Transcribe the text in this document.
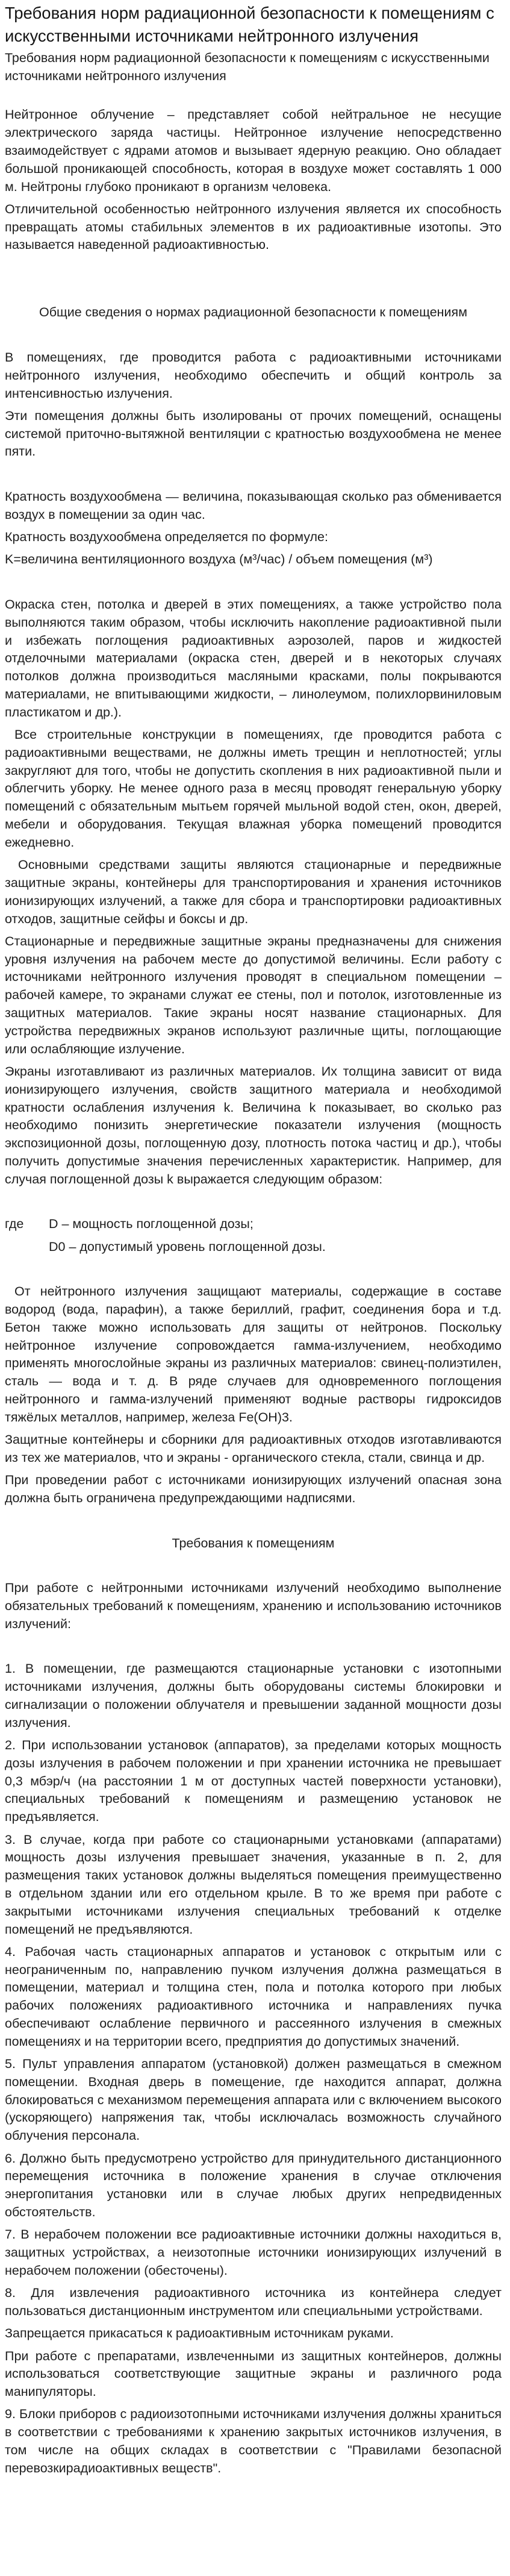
Требования норм радиационной безопасности к помещениям с искусственными источниками нейтронного излучения

Требования норм радиационной безопасности к помещениям с искусственными источниками нейтронного излучения

Нейтронное облучение – представляет собой нейтральное не несущие электрического заряда частицы. Нейтронное излучение непосредственно взаимодействует с ядрами атомов и вызывает ядерную реакцию. Оно обладает большой проникающей способность, которая в воздухе может составлять 1 000 м. Нейтроны глубоко проникают в организм человека.

Отличительной особенностью нейтронного излучения является их способность превращать атомы стабильных элементов в их радиоактивные изотопы. Это называется наведенной радиоактивностью.

Общие сведения о нормах радиационной безопасности к помещениям

В помещениях, где проводится работа с радиоактивными источниками нейтронного излучения, необходимо обеспечить и общий контроль за интенсивностью излучения.

Эти помещения должны быть изолированы от прочих помещений, оснащены системой приточно-вытяжной вентиляции с кратностью воздухообмена не менее пяти.

Кратность воздухообмена — величина, показывающая сколько раз обменивается воздух в помещении за один час.

Кратность воздухообмена определяется по формуле:

K=величина вентиляционного воздуха (м³/час) / объем помещения (м³)

Окраска стен, потолка и дверей в этих помещениях, а также устройство пола выполняются таким образом, чтобы исключить накопление радиоактивной пыли и избежать поглощения радиоактивных аэрозолей, паров и жидкостей отделочными материалами (окраска стен, дверей и в некоторых случаях потолков должна производиться масляными красками, полы покрываются материалами, не впитывающими жидкости, – линолеумом, полихлорвиниловым пластикатом и др.).

Все строительные конструкции в помещениях, где проводится работа с радиоактивными веществами, не должны иметь трещин и неплотностей; углы закругляют для того, чтобы не допустить скопления в них радиоактивной пыли и облегчить уборку. Не менее одного раза в месяц проводят генеральную уборку помещений с обязательным мытьем горячей мыльной водой стен, окон, дверей, мебели и оборудования. Текущая влажная уборка помещений проводится ежедневно.

Основными средствами защиты являются стационарные и передвижные защитные экраны, контейнеры для транспортирования и хранения источников ионизирующих излучений, а также для сбора и транспортировки радиоактивных отходов, защитные сейфы и боксы и др.

Стационарные и передвижные защитные экраны предназначены для снижения уровня излучения на рабочем месте до допустимой величины. Если работу с источниками нейтронного излучения проводят в специальном помещении – рабочей камере, то экранами служат ее стены, пол и потолок, изготовленные из защитных материалов. Такие экраны носят название стационарных. Для устройства передвижных экранов используют различные щиты, поглощающие или ослабляющие излучение.

Экраны изготавливают из различных материалов. Их толщина зависит от вида ионизирующего излучения, свойств защитного материала и необходимой кратности ослабления излучения k. Величина k показывает, во сколько раз необходимо понизить энергетические показатели излучения (мощность экспозиционной дозы, поглощенную дозу, плотность потока частиц и др.), чтобы получить допустимые значения перечисленных характеристик. Например, для случая поглощенной дозы k выражается следующим образом:

где D – мощность поглощенной дозы;
D0 – допустимый уровень поглощенной дозы.

От нейтронного излучения защищают материалы, содержащие в составе водород (вода, парафин), а также бериллий, графит, соединения бора и т.д. Бетон также можно использовать для защиты от нейтронов. Поскольку нейтронное излучение сопровождается гамма-излучением, необходимо применять многослойные экраны из различных материалов: свинец-полиэтилен, сталь — вода и т. д. В ряде случаев для одновременного поглощения нейтронного и гамма-излучений применяют водные растворы гидроксидов тяжёлых металлов, например, железа Fe(OH)3.

Защитные контейнеры и сборники для радиоактивных отходов изготавливаются из тех же материалов, что и экраны - органического стекла, стали, свинца и др.

При проведении работ с источниками ионизирующих излучений опасная зона должна быть ограничена предупреждающими надписями.

Требования к помещениям

При работе с нейтронными источниками излучений необходимо выполнение обязательных требований к помещениям, хранению и использованию источников излучений:

1. В помещении, где размещаются стационарные установки с изотопными источниками излучения, должны быть оборудованы системы блокировки и сигнализации о положении облучателя и превышении заданной мощности дозы излучения.

2. При использовании установок (аппаратов), за пределами которых мощность дозы излучения в рабочем положении и при хранении источника не превышает 0,3 мбэр/ч (на расстоянии 1 м от доступных частей поверхности установки), специальных требований к помещениям и размещению установок не предъявляется.

3. В случае, когда при работе со стационарными установками (аппаратами) мощность дозы излучения превышает значения, указанные в п. 2, для размещения таких установок должны выделяться помещения преимущественно в отдельном здании или его отдельном крыле. В то же время при работе с закрытыми источниками излучения специальных требований к отделке помещений не предъявляются.

4. Рабочая часть стационарных аппаратов и установок с открытым или с неограниченным по, направлению пучком излучения должна размещаться в помещении, материал и толщина стен, пола и потолка которого при любых рабочих положениях радиоактивного источника и направлениях пучка обеспечивают ослабление первичного и рассеянного излучения в смежных помещениях и на территории всего, предприятия до допустимых значений.

5. Пульт управления аппаратом (установкой) должен размещаться в смежном помещении. Входная дверь в помещение, где находится аппарат, должна блокироваться с механизмом перемещения аппарата или с включением высокого (ускоряющего) напряжения так, чтобы исключалась возможность случайного облучения персонала.

6. Должно быть предусмотрено устройство для принудительного дистанционного перемещения источника в положение хранения в случае отключения энергопитания установки или в случае любых других непредвиденных обстоятельств.

7. В нерабочем положении все радиоактивные источники должны находиться в, защитных устройствах, а неизотопные источники ионизирующих излучений в нерабочем положении (обесточены).

8. Для извлечения радиоактивного источника из контейнера следует пользоваться дистанционным инструментом или специальными устройствами.

Запрещается прикасаться к радиоактивным источникам руками.

При работе с препаратами, извлеченными из защитных контейнеров, должны использоваться соответствующие защитные экраны и различного рода манипуляторы.

9. Блоки приборов с радиоизотопными источниками излучения должны храниться в соответствии с требованиями к хранению закрытых источников излучения, в том числе на общих складах в соответствии с "Правилами безопасной перевозкирадиоактивных веществ".
